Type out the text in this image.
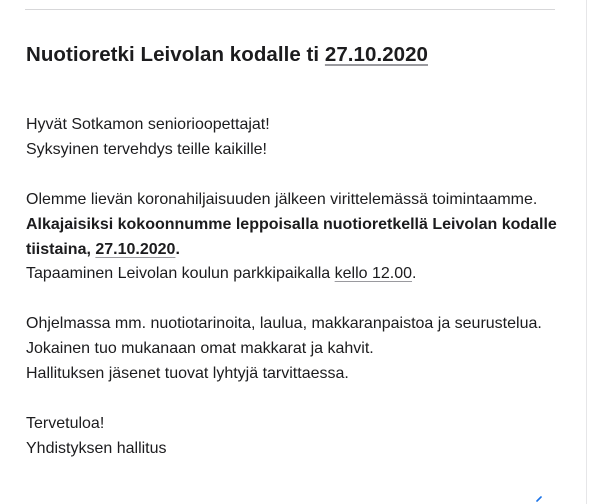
Nuotioretki Leivolan kodalle ti 27.10.2020

Hyvät Sotkamon seniorioopettajat!
Syksyinen tervehdys teille kaikille!

Olemme lievän koronahiljaisuuden jälkeen virittelemässä toimintaamme.
Alkajaisiksi kokoonnumme leppoisalla nuotioretkellä Leivolan kodalle
tiistaina, 27.10.2020.
Tapaaminen Leivolan koulun parkkipaikalla kello 12.00.

Ohjelmassa mm. nuotiotarinoita, laulua, makkaranpaistoa ja seurustelua.
Jokainen tuo mukanaan omat makkarat ja kahvit.
Hallituksen jäsenet tuovat lyhtyjä tarvittaessa.

Tervetuloa!
Yhdistyksen hallitus
